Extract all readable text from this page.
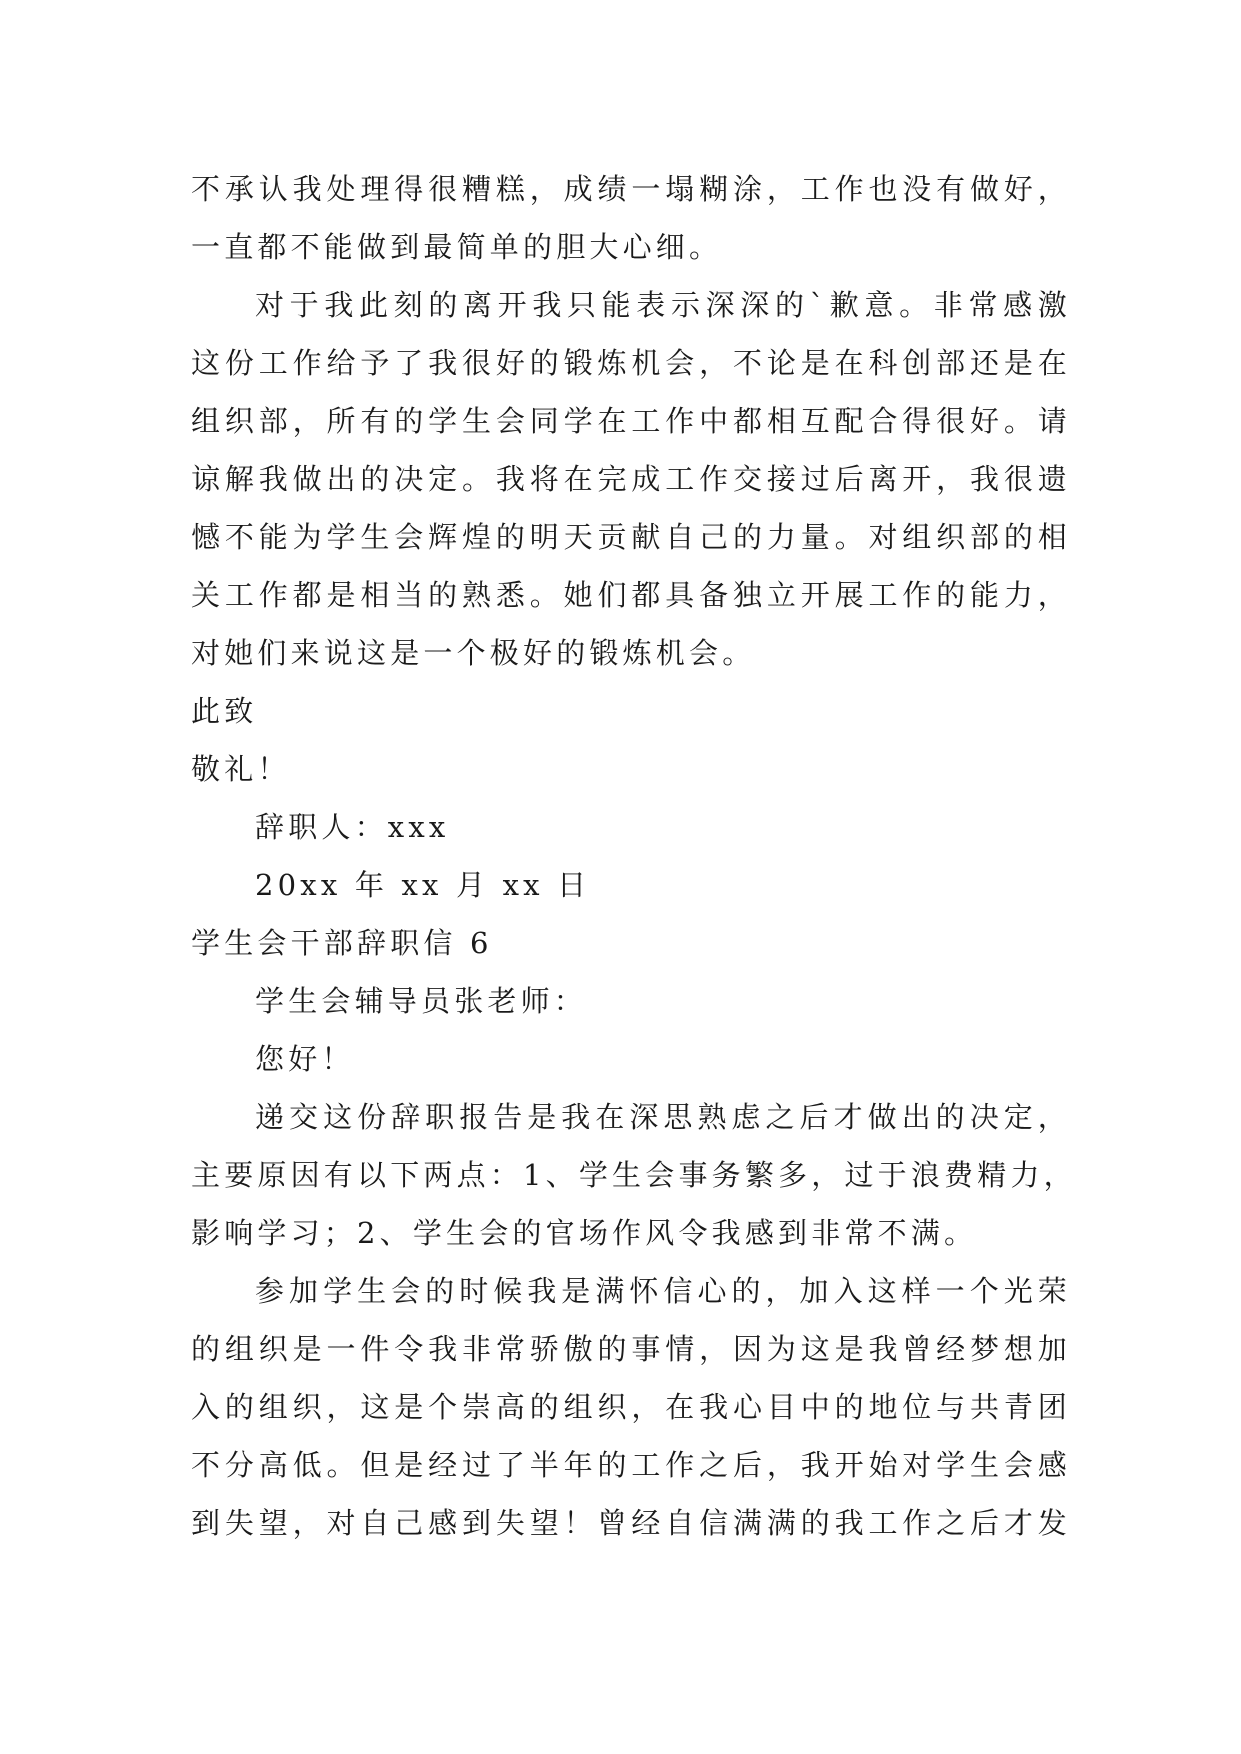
不承认我处理得很糟糕，成绩一塌糊涂，工作也没有做好，
一直都不能做到最简单的胆大心细。
对于我此刻的离开我只能表示深深的`歉意。非常感激
这份工作给予了我很好的锻炼机会，不论是在科创部还是在
组织部，所有的学生会同学在工作中都相互配合得很好。请
谅解我做出的决定。我将在完成工作交接过后离开，我很遗
憾不能为学生会辉煌的明天贡献自己的力量。对组织部的相
关工作都是相当的熟悉。她们都具备独立开展工作的能力，
对她们来说这是一个极好的锻炼机会。
此致
敬礼！
辞职人：xxx
20xx 年 xx 月 xx 日
学生会干部辞职信 6
学生会辅导员张老师：
您好！
递交这份辞职报告是我在深思熟虑之后才做出的决定，
主要原因有以下两点：1、学生会事务繁多，过于浪费精力，
影响学习；2、学生会的官场作风令我感到非常不满。
参加学生会的时候我是满怀信心的，加入这样一个光荣
的组织是一件令我非常骄傲的事情，因为这是我曾经梦想加
入的组织，这是个崇高的组织，在我心目中的地位与共青团
不分高低。但是经过了半年的工作之后，我开始对学生会感
到失望，对自己感到失望！曾经自信满满的我工作之后才发
